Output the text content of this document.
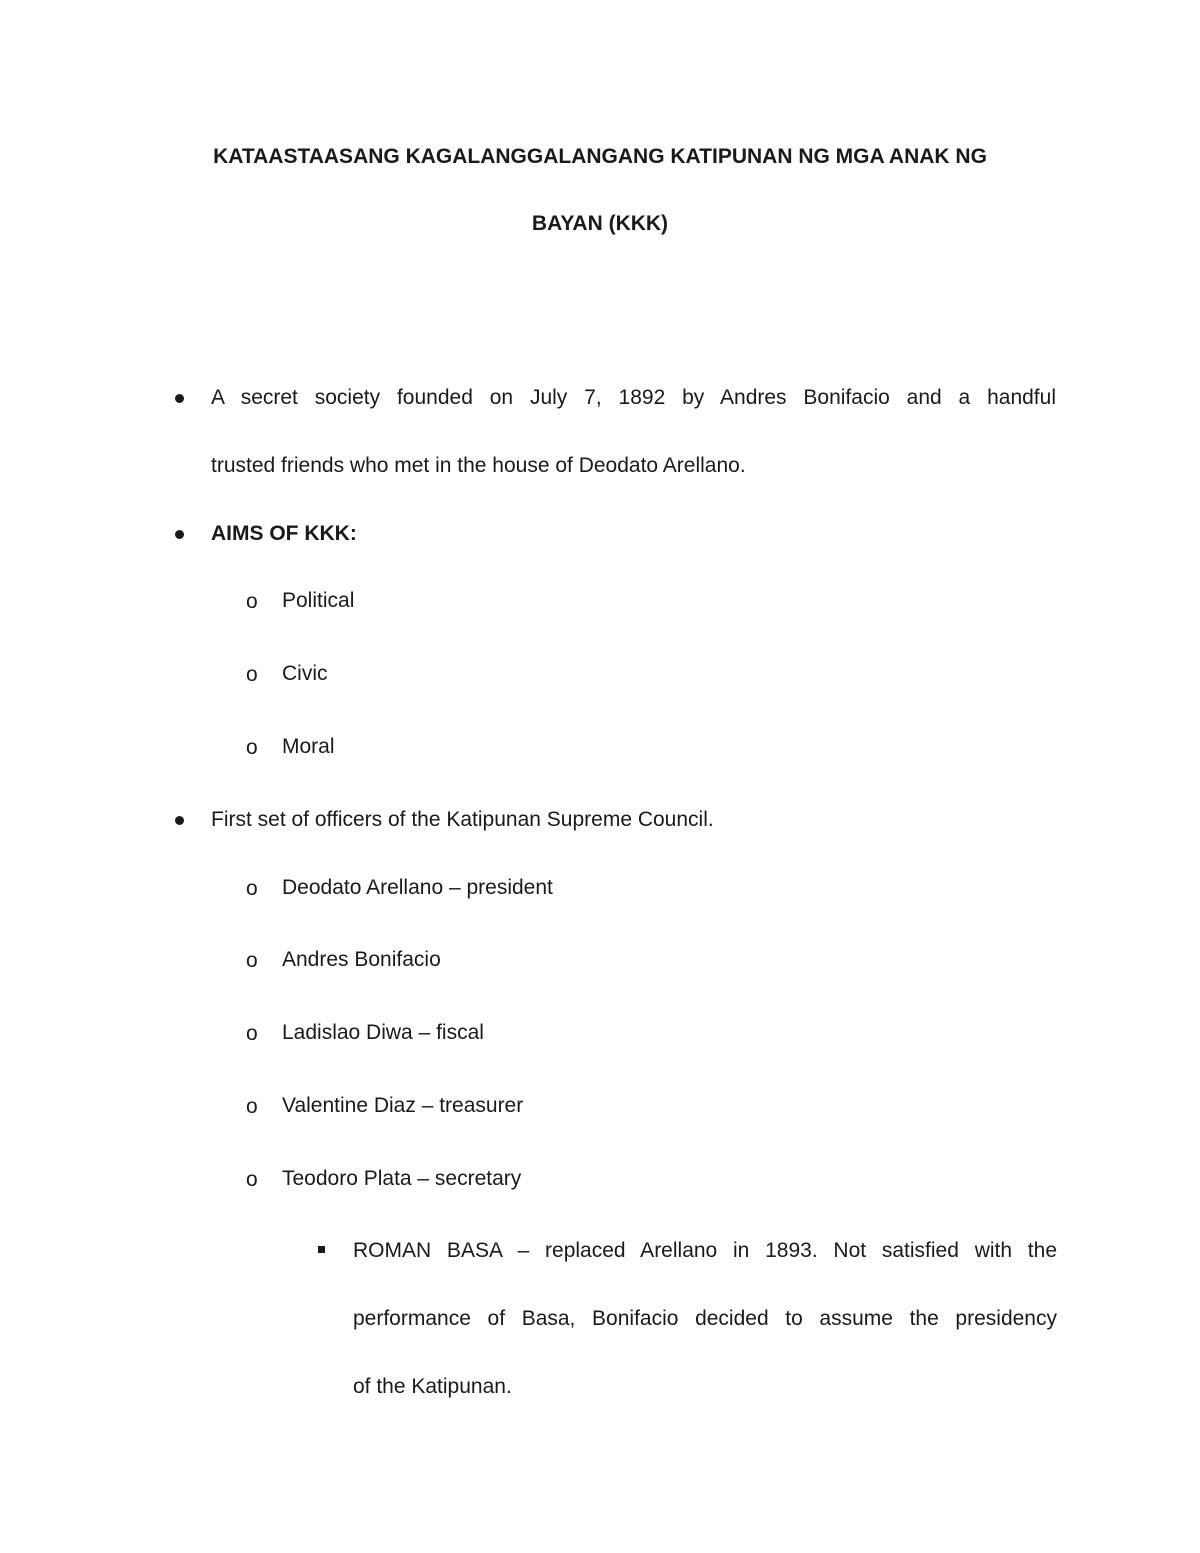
KATAASTAASANG KAGALANGGALANGANG KATIPUNAN NG MGA ANAK NG
BAYAN (KKK)
A secret society founded on July 7, 1892 by Andres Bonifacio and a handful
trusted friends who met in the house of Deodato Arellano.
AIMS OF KKK:
o Political
o Civic
o Moral
First set of officers of the Katipunan Supreme Council.
o Deodato Arellano – president
o Andres Bonifacio
o Ladislao Diwa – fiscal
o Valentine Diaz – treasurer
o Teodoro Plata – secretary
ROMAN BASA – replaced Arellano in 1893. Not satisfied with the
performance of Basa, Bonifacio decided to assume the presidency
of the Katipunan.
